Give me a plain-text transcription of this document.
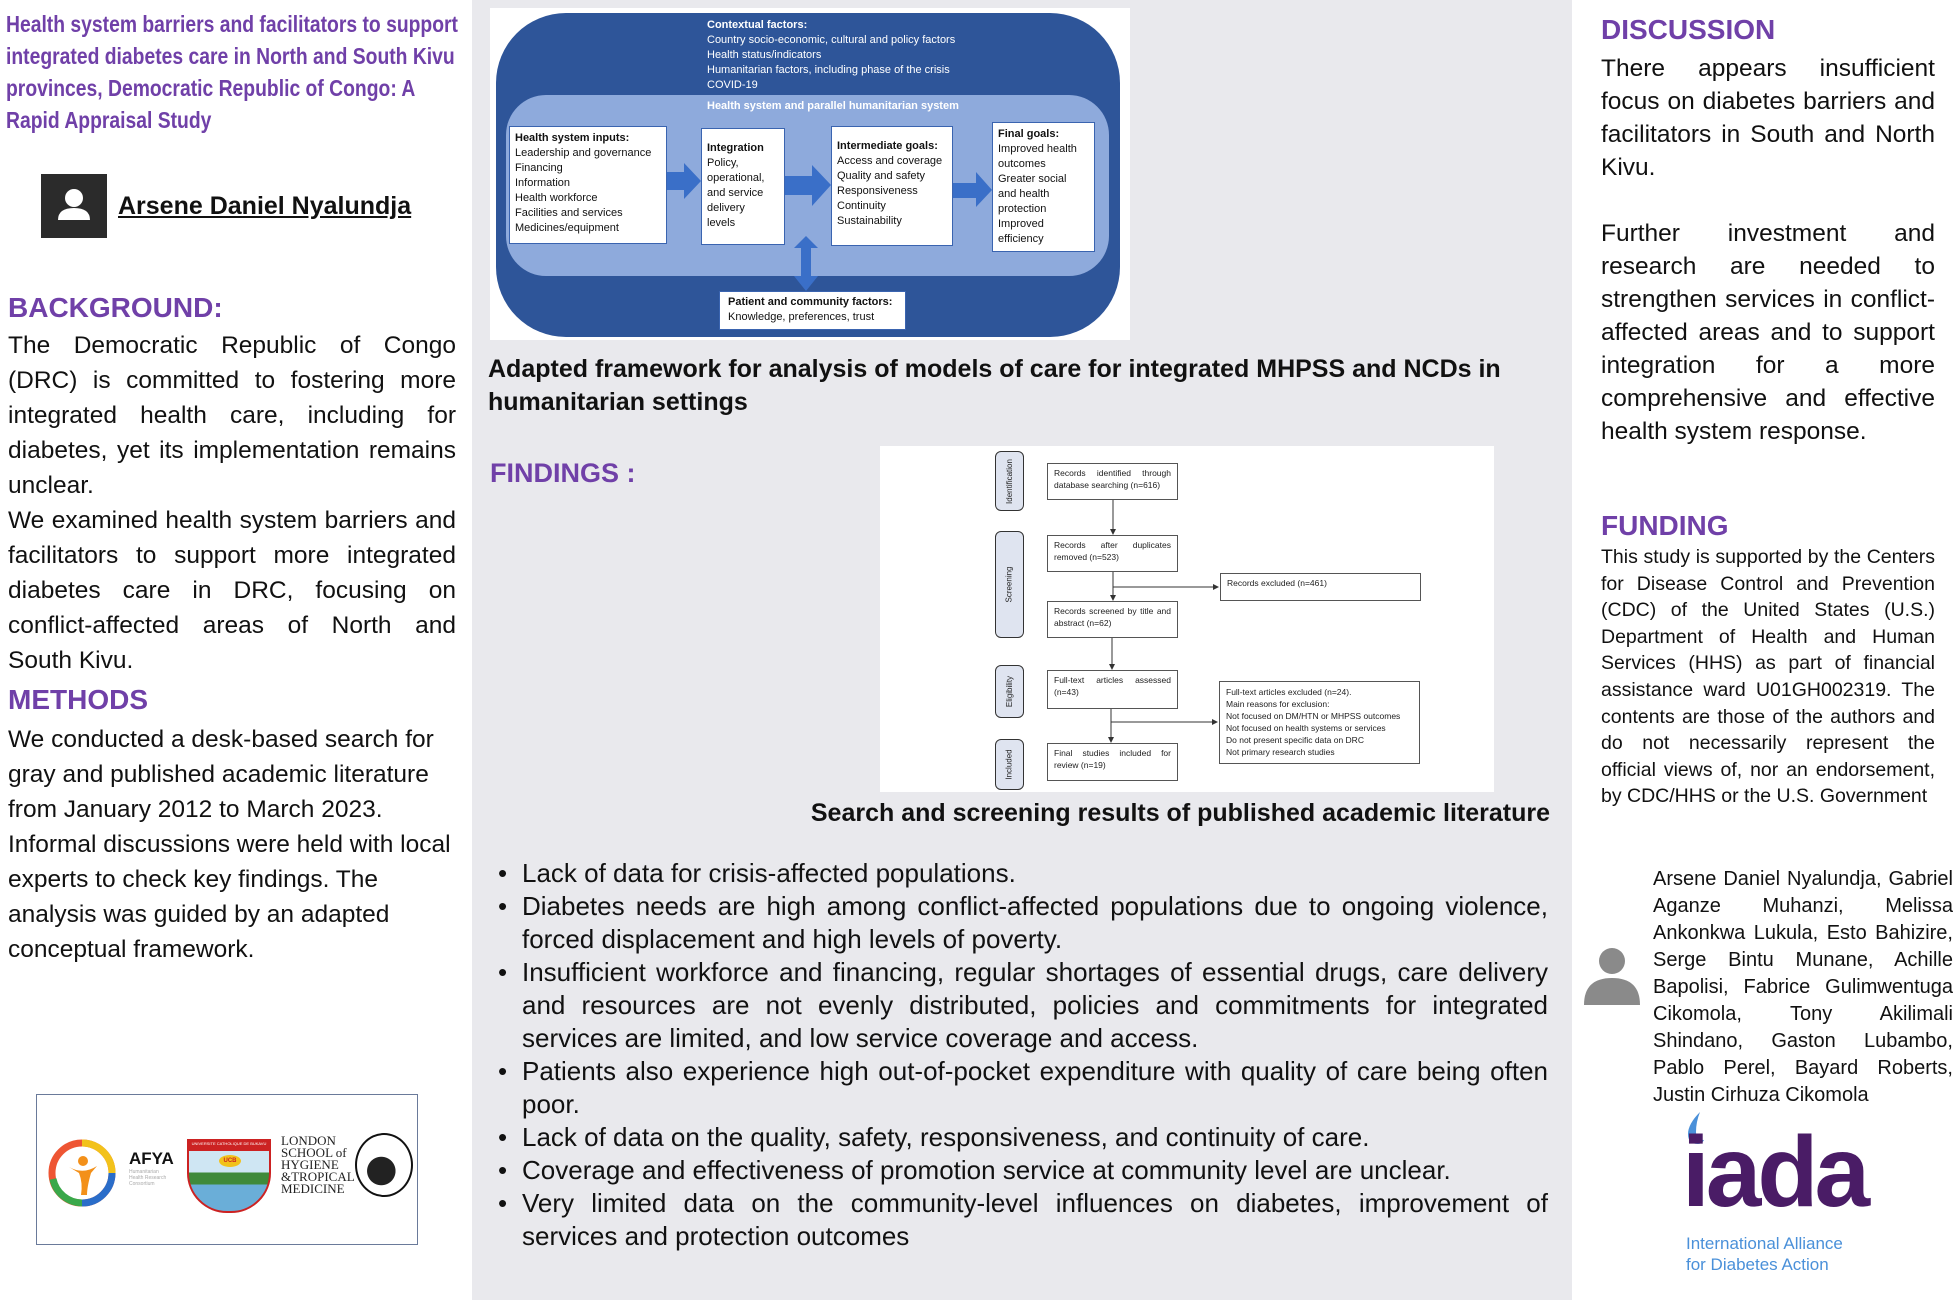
Health system barriers and facilitators to support integrated diabetes care in North and South Kivu provinces, Democratic Republic of Congo: A Rapid Appraisal Study
Arsene Daniel Nyalundja
BACKGROUND:
The Democratic Republic of Congo (DRC) is committed to fostering more integrated health care, including for diabetes, yet its implementation remains unclear.
We examined health system barriers and facilitators to support more integrated diabetes care in DRC, focusing on conflict-affected areas of North and South Kivu.
METHODS
We conducted a desk-based search for
gray and published academic literature
from January 2012 to March 2023.
Informal discussions were held with local
experts to check key findings. The
analysis was guided by an adapted
conceptual framework.
AFYA
Humanitarian Health Research Consortium
UNIVERSITE CATHOLIQUE DE BUKAVU
UCB
LONDON
SCHOOL of
HYGIENE
&TROPICAL
MEDICINE
Contextual factors:
Country socio-economic, cultural and policy factors
Health status/indicators
Humanitarian factors, including phase of the crisis
COVID-19
Health system and parallel humanitarian system
Health system inputs:
Leadership and governance
Financing
Information
Health workforce
Facilities and services
Medicines/equipment
Integration
Policy,
operational,
and service
delivery
levels
Intermediate goals:
Access and coverage
Quality and safety
Responsiveness
Continuity
Sustainability
Final goals:
Improved health
outcomes
Greater social
and health
protection
Improved
efficiency
Patient and community factors:
Knowledge, preferences, trust
Adapted framework for analysis of models of care for integrated MHPSS and NCDs in humanitarian settings
FINDINGS :	Identification
Screening
Eligibility
Included
Records identified through database searching (n=616)
Records after duplicates removed (n=523)
Records excluded (n=461)
Records screened by title and abstract (n=62)
Full-text articles assessed (n=43)	Full-text articles excluded (n=24).
Main reasons for exclusion:
Not focused on DM/HTN or MHPSS outcomes
Not focused on health systems or services
Do not present specific data on DRC
Not primary research studies
Final studies included for review (n=19)
Search and screening results of published academic literature
• Lack of data for crisis-affected populations.
• Diabetes needs are high among conflict-affected populations due to ongoing violence, forced displacement and high levels of poverty.
• Insufficient workforce and financing, regular shortages of essential drugs, care delivery and resources are not evenly distributed, policies and commitments for integrated services are limited, and low service coverage and access.
• Patients also experience high out-of-pocket expenditure with quality of care being often poor.
• Lack of data on the quality, safety, responsiveness, and continuity of care.
• Coverage and effectiveness of promotion service at community level are unclear.
• Very limited data on the community-level influences on diabetes, improvement of services and protection outcomes
DISCUSSION
There appears insufficient focus on diabetes barriers and facilitators in South and North Kivu.
Further investment and research are needed to strengthen services in conflict-affected areas and to support integration for a more comprehensive and effective health system response.
FUNDING
This study is supported by the Centers for Disease Control and Prevention (CDC) of the United States (U.S.) Department of Health and Human Services (HHS) as part of financial assistance ward U01GH002319. The contents are those of the authors and do not necessarily represent the official views of, nor an endorsement, by CDC/HHS or the U.S. Government
Arsene Daniel Nyalundja, Gabriel Aganze Muhanzi, Melissa Ankonkwa Lukula, Esto Bahizire, Serge Bintu Munane, Achille Bapolisi, Fabrice Gulimwentuga Cikomola, Tony Akilimali Shindano, Gaston Lubambo, Pablo Perel, Bayard Roberts, Justin Cirhuza Cikomola
iada
International Alliance
for Diabetes Action
